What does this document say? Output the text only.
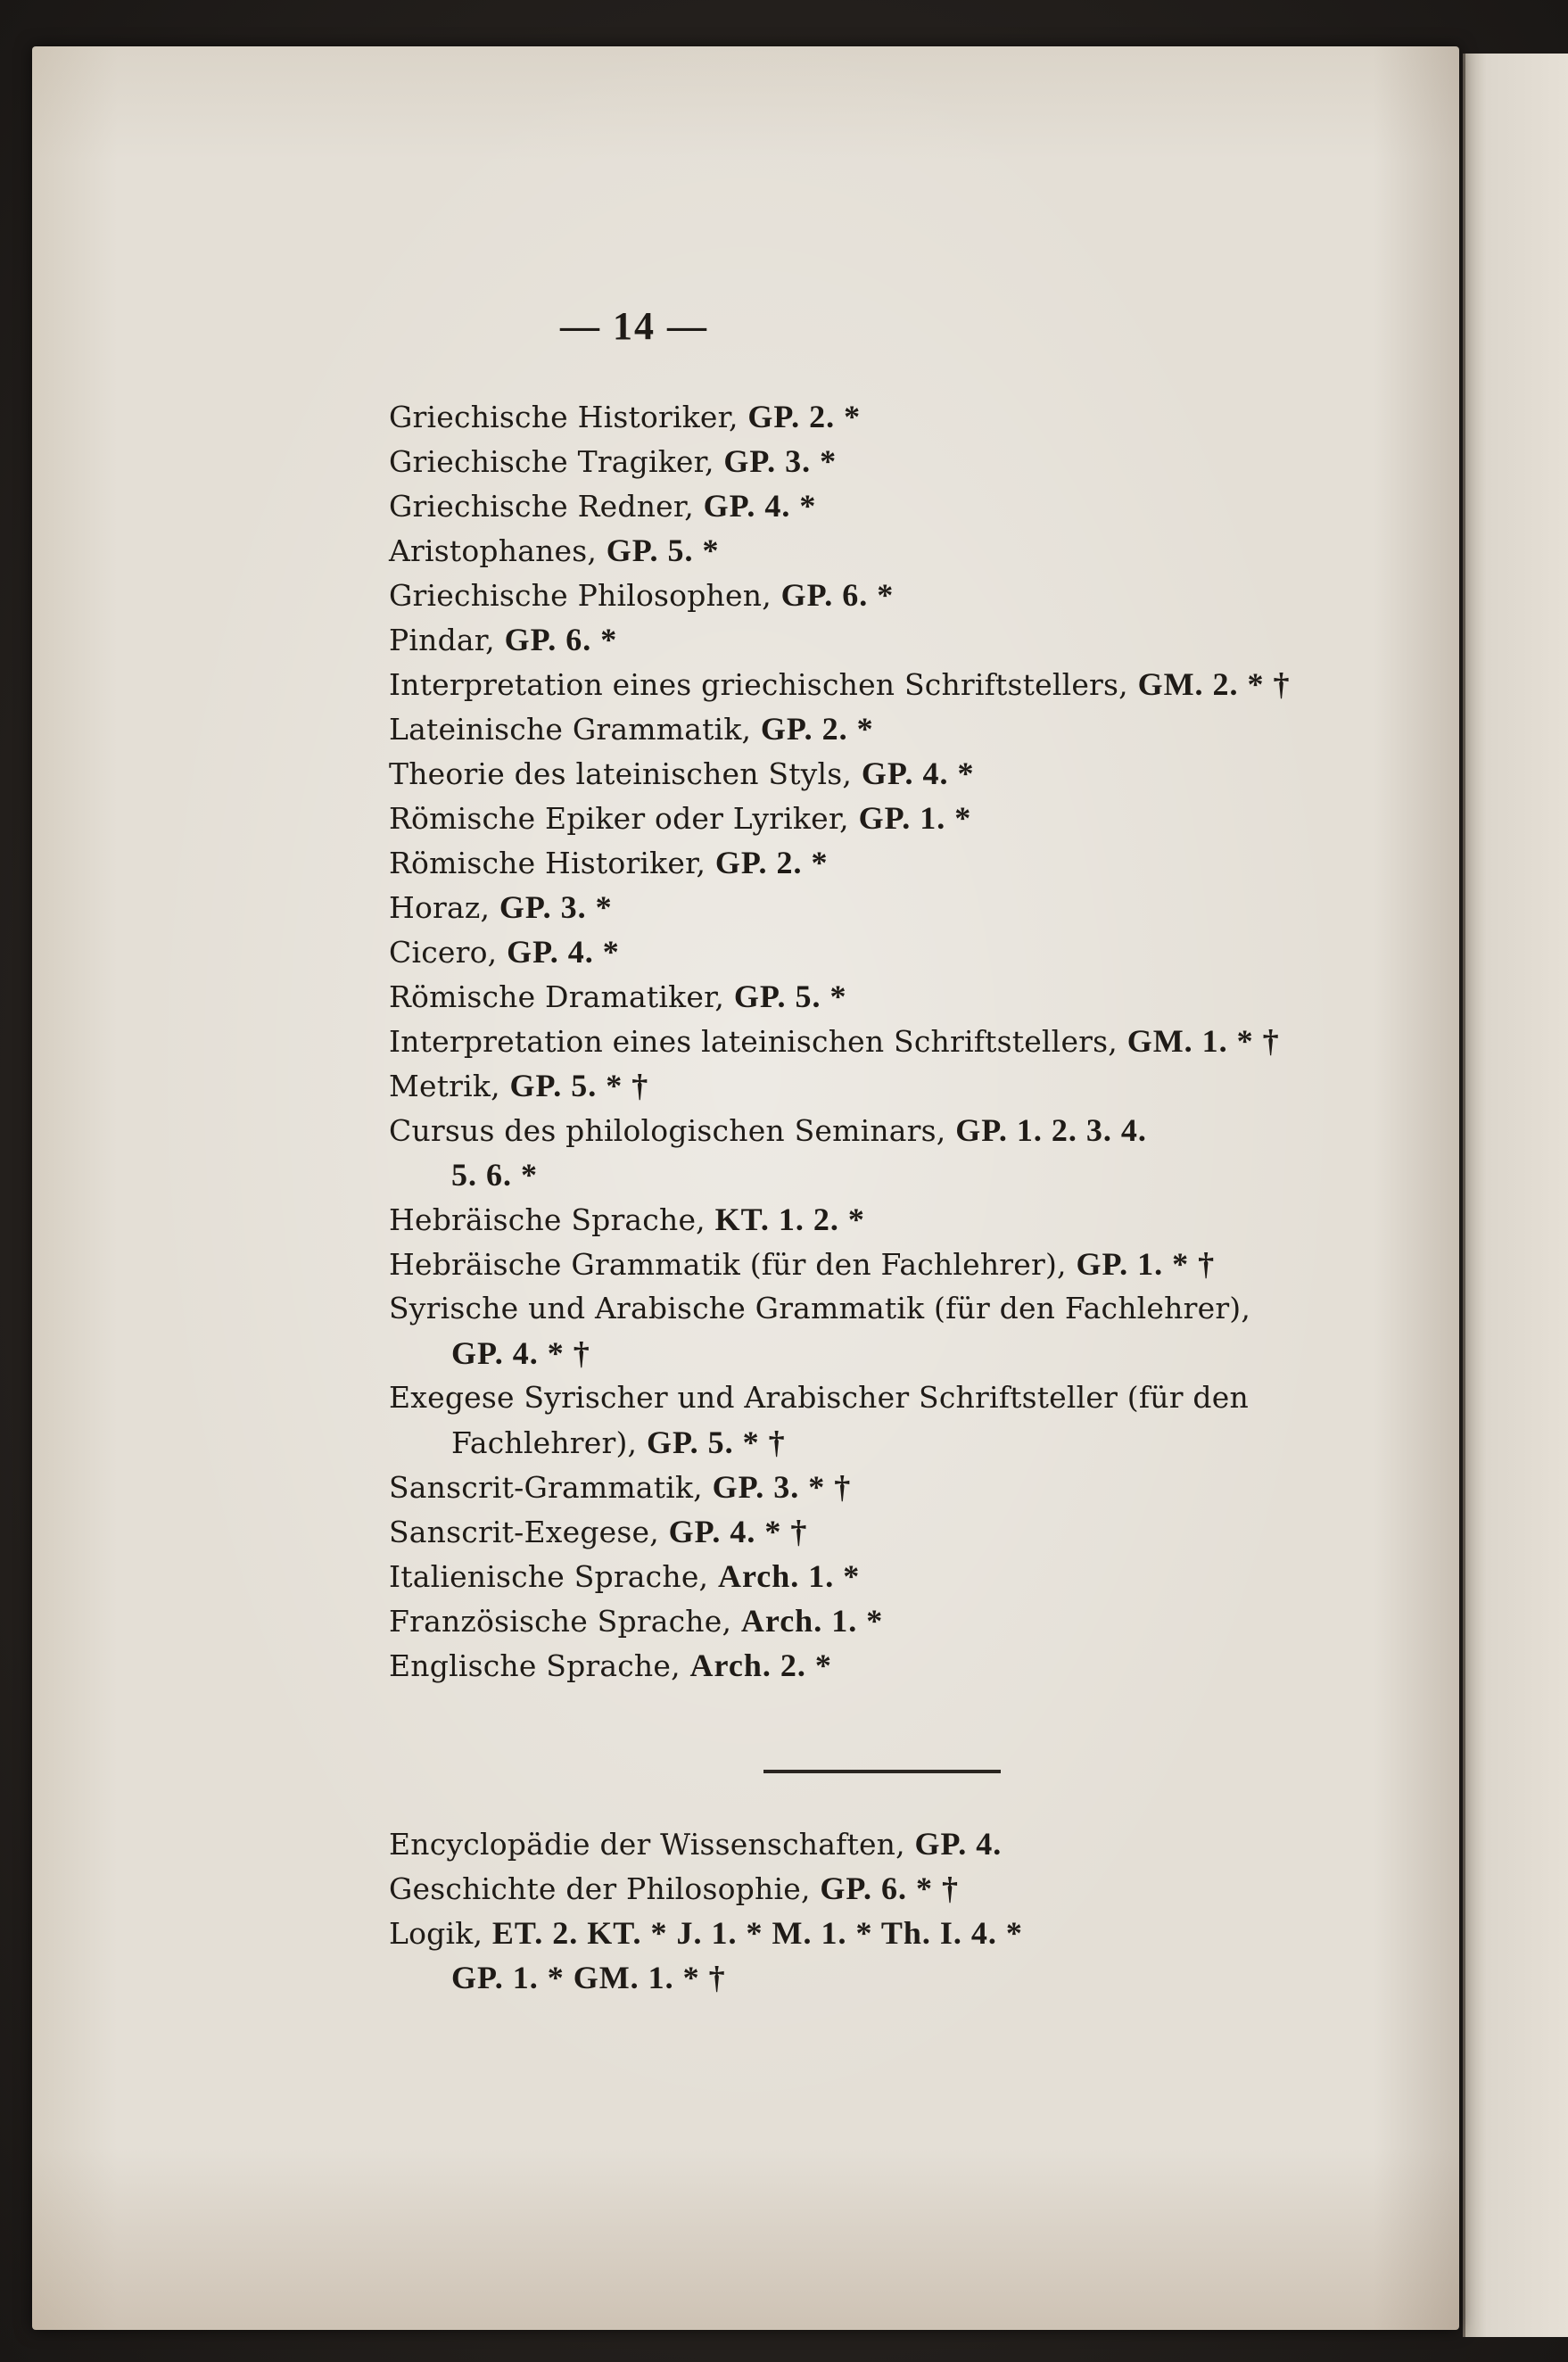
— 14 —
Griechische Historiker, GP. 2. *
Griechische Tragiker, GP. 3. *
Griechische Redner, GP. 4. *
Aristophanes, GP. 5. *
Griechische Philosophen, GP. 6. *
Pindar, GP. 6. *
Interpretation eines griechischen Schriftstellers, GM. 2. * †
Lateinische Grammatik, GP. 2. *
Theorie des lateinischen Styls, GP. 4. *
Römische Epiker oder Lyriker, GP. 1. *
Römische Historiker, GP. 2. *
Horaz, GP. 3. *
Cicero, GP. 4. *
Römische Dramatiker, GP. 5. *
Interpretation eines lateinischen Schriftstellers, GM. 1. * †
Metrik, GP. 5. * †
Cursus des philologischen Seminars, GP. 1. 2. 3. 4.
5. 6. *
Hebräische Sprache, KT. 1. 2. *
Hebräische Grammatik (für den Fachlehrer), GP. 1. * †
Syrische und Arabische Grammatik (für den Fachlehrer),
GP. 4. * †
Exegese Syrischer und Arabischer Schriftsteller (für den
Fachlehrer), GP. 5. * †
Sanscrit-Grammatik, GP. 3. * †
Sanscrit-Exegese, GP. 4. * †
Italienische Sprache, Arch. 1. *
Französische Sprache, Arch. 1. *
Englische Sprache, Arch. 2. *
Encyclopädie der Wissenschaften, GP. 4.
Geschichte der Philosophie, GP. 6. * †
Logik, ET. 2. KT. * J. 1. * M. 1. * Th. I. 4. *
GP. 1. * GM. 1. * †
